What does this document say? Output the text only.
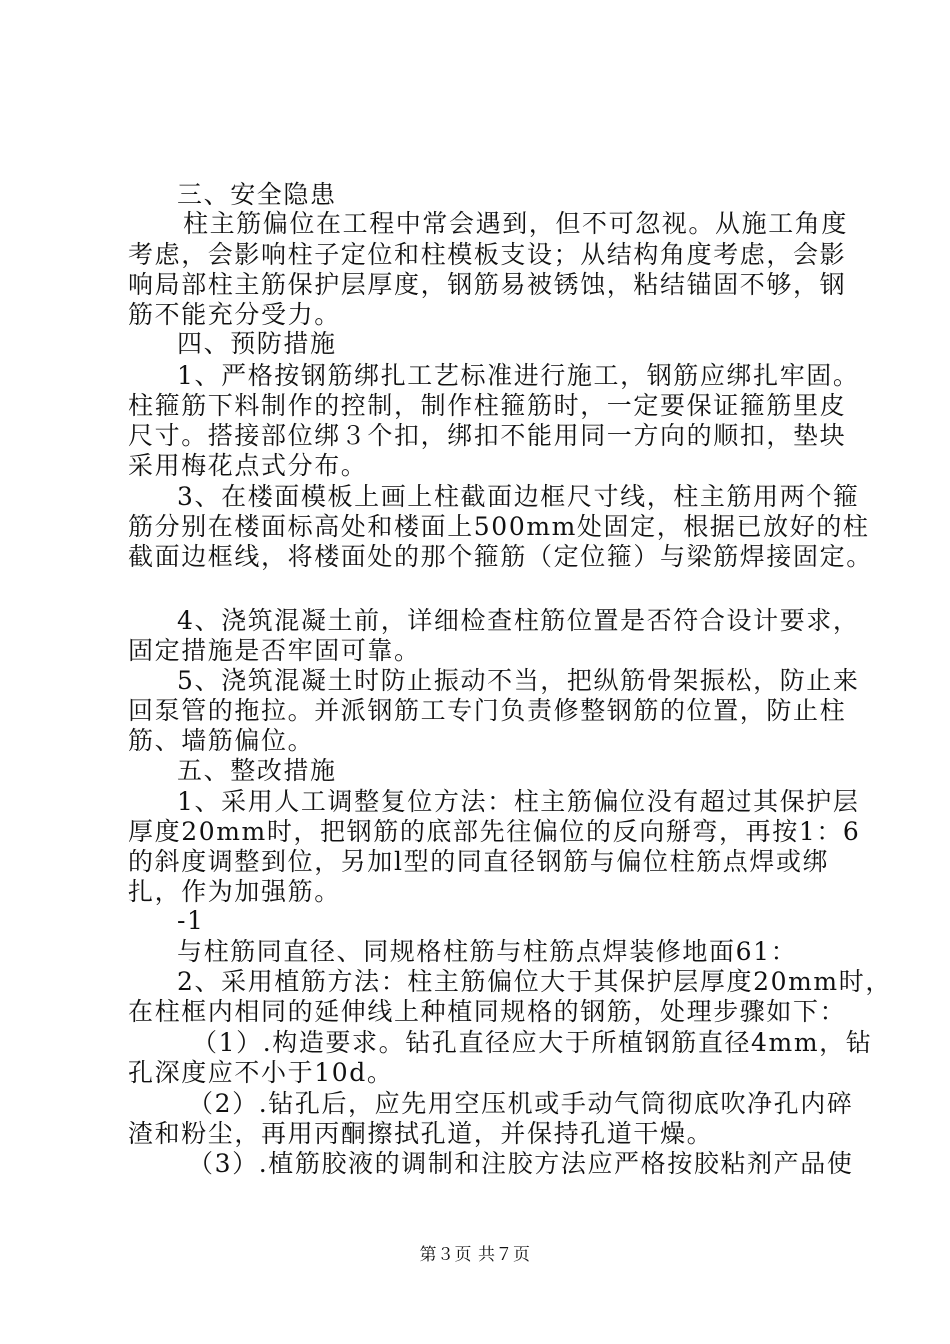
三、安全隐患
柱主筋偏位在工程中常会遇到，但不可忽视。从施工角度
考虑，会影响柱子定位和柱模板支设；从结构角度考虑，会影
响局部柱主筋保护层厚度，钢筋易被锈蚀，粘结锚固不够，钢
筋不能充分受力。
四、预防措施
1、严格按钢筋绑扎工艺标准进行施工，钢筋应绑扎牢固。
柱箍筋下料制作的控制，制作柱箍筋时，一定要保证箍筋里皮
尺寸。搭接部位绑３个扣，绑扣不能用同一方向的顺扣，垫块
采用梅花点式分布。
3、在楼面模板上画上柱截面边框尺寸线，柱主筋用两个箍
筋分别在楼面标高处和楼面上500mm处固定，根据已放好的柱
截面边框线，将楼面处的那个箍筋（定位箍）与梁筋焊接固定。
4、浇筑混凝土前，详细检查柱筋位置是否符合设计要求，
固定措施是否牢固可靠。
5、浇筑混凝土时防止振动不当，把纵筋骨架振松，防止来
回泵管的拖拉。并派钢筋工专门负责修整钢筋的位置，防止柱
筋、墙筋偏位。
五、整改措施
1、采用人工调整复位方法：柱主筋偏位没有超过其保护层
厚度20mm时，把钢筋的底部先往偏位的反向掰弯，再按1：6
的斜度调整到位，另加l型的同直径钢筋与偏位柱筋点焊或绑
扎，作为加强筋。
-1
与柱筋同直径、同规格柱筋与柱筋点焊装修地面61：
2、采用植筋方法：柱主筋偏位大于其保护层厚度20mm时，
在柱框内相同的延伸线上种植同规格的钢筋，处理步骤如下：
（1）.构造要求。钻孔直径应大于所植钢筋直径4mm，钻
孔深度应不小于10d。
（2）.钻孔后，应先用空压机或手动气筒彻底吹净孔内碎
渣和粉尘，再用丙酮擦拭孔道，并保持孔道干燥。
（3）.植筋胶液的调制和注胶方法应严格按胶粘剂产品使
第３页 共７页
